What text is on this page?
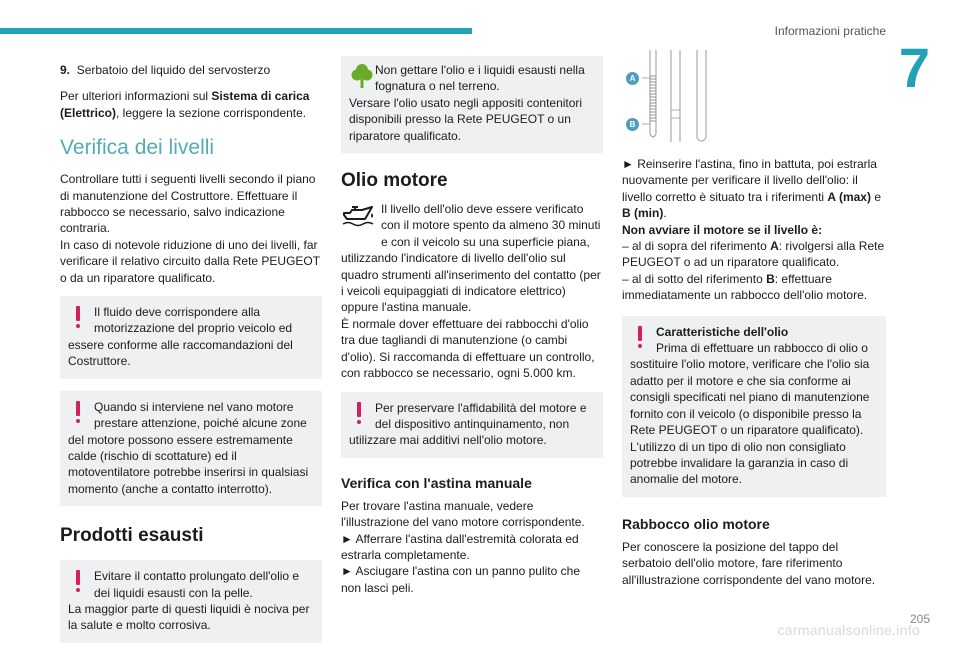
Informazioni pratiche
7

9. Serbatoio del liquido del servosterzo

Per ulteriori informazioni sul Sistema di carica (Elettrico), leggere la sezione corrispondente.

Verifica dei livelli

Controllare tutti i seguenti livelli secondo il piano di manutenzione del Costruttore. Effettuare il rabbocco se necessario, salvo indicazione contraria.
In caso di notevole riduzione di uno dei livelli, far verificare il relativo circuito dalla Rete PEUGEOT o da un riparatore qualificato.

Il fluido deve corrispondere alla motorizzazione del proprio veicolo ed essere conforme alle raccomandazioni del Costruttore.
Quando si interviene nel vano motore prestare attenzione, poiché alcune zone del motore possono essere estremamente calde (rischio di scottature) ed il motoventilatore potrebbe inserirsi in qualsiasi momento (anche a contatto interrotto).
Prodotti esausti
Evitare il contatto prolungato dell'olio e dei liquidi esausti con la pelle.
La maggior parte di questi liquidi è nociva per la salute e molto corrosiva.
Non gettare l'olio e i liquidi esausti nella fognatura o nel terreno.
Versare l'olio usato negli appositi contenitori disponibili presso la Rete PEUGEOT o un riparatore qualificato.
Olio motore

Il livello dell'olio deve essere verificato con il motore spento da almeno 30 minuti e con il veicolo su una superficie piana, utilizzando l'indicatore di livello dell'olio sul quadro strumenti all'inserimento del contatto (per i veicoli equipaggiati di indicatore elettrico) oppure l'astina manuale.
È normale dover effettuare dei rabbocchi d'olio tra due tagliandi di manutenzione (o cambi d'olio). Si raccomanda di effettuare un controllo, con rabbocco se necessario, ogni 5.000 km.

Per preservare l'affidabilità del motore e del dispositivo antinquinamento, non utilizzare mai additivi nell'olio motore.
Verifica con l'astina manuale

Per trovare l'astina manuale, vedere l'illustrazione del vano motore corrispondente.
► Afferrare l'astina dall'estremità colorata ed estrarla completamente.
► Asciugare l'astina con un panno pulito che non lasci peli.

A
B

► Reinserire l'astina, fino in battuta, poi estrarla nuovamente per verificare il livello dell'olio: il livello corretto è situato tra i riferimenti A (max) e B (min).

Non avviare il motore se il livello è:

– al di sopra del riferimento A: rivolgersi alla Rete PEUGEOT o ad un riparatore qualificato.

– al di sotto del riferimento B: effettuare immediatamente un rabbocco dell'olio motore.

Caratteristiche dell'olio
Prima di effettuare un rabbocco di olio o sostituire l'olio motore, verificare che l'olio sia adatto per il motore e che sia conforme ai consigli specificati nel piano di manutenzione fornito con il veicolo (o disponibile presso la Rete PEUGEOT o un riparatore qualificato).
L'utilizzo di un tipo di olio non consigliato potrebbe invalidare la garanzia in caso di anomalie del motore.
Rabbocco olio motore

Per conoscere la posizione del tappo del serbatoio dell'olio motore, fare riferimento all'illustrazione corrispondente del vano motore.

205
carmanualsonline.info
